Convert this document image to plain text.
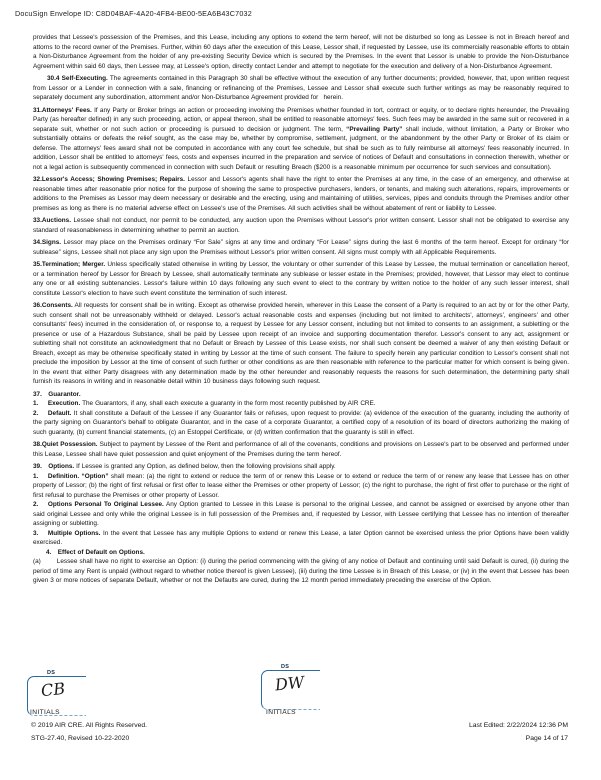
DocuSign Envelope ID: C8D04BAF-4A20-4FB4-BE00-5EA6B43C7032

provides that Lessee's possession of the Premises, and this Lease, including any options to extend the term hereof, will not be disturbed so long as Lessee is not in Breach hereof and attorns to the record owner of the Premises. Further, within 60 days after the execution of this Lease, Lessor shall, if requested by Lessee, use its commercially reasonable efforts to obtain a Non-Disturbance Agreement from the holder of any pre-existing Security Device which is secured by the Premises. In the event that Lessor is unable to provide the Non-Disturbance Agreement within said 60 days, then Lessee may, at Lessee's option, directly contact Lender and attempt to negotiate for the execution and delivery of a Non-Disturbance Agreement.

30.4 Self-Executing. The agreements contained in this Paragraph 30 shall be effective without the execution of any further documents; provided, however, that, upon written request from Lessor or a Lender in connection with a sale, financing or refinancing of the Premises, Lessee and Lessor shall execute such further writings as may be reasonably required to separately document any subordination, attornment and/or Non-Disturbance Agreement provided for  herein.

31.Attorneys' Fees. If any Party or Broker brings an action or proceeding involving the Premises whether founded in tort, contract or equity, or to declare rights hereunder, the Prevailing Party (as hereafter defined) in any such proceeding, action, or appeal thereon, shall be entitled to reasonable attorneys' fees. Such fees may be awarded in the same suit or recovered in a separate suit, whether or not such action or proceeding is pursued to decision or judgment. The term, “Prevailing Party” shall include, without limitation, a Party or Broker who substantially obtains or defeats the relief sought, as the case may be, whether by compromise, settlement, judgment, or the abandonment by the other Party or Broker of its claim or defense. The attorneys' fees award shall not be computed in accordance with any court fee schedule, but shall be such as to fully reimburse all attorneys' fees reasonably incurred. In addition, Lessor shall be entitled to attorneys' fees, costs and expenses incurred in the preparation and service of notices of Default and consultations in connection therewith, whether or not a legal action is subsequently commenced in connection with such Default or resulting Breach ($200 is a reasonable minimum per occurrence for such services and consultation).

32.Lessor's Access; Showing Premises; Repairs. Lessor and Lessor's agents shall have the right to enter the Premises at any time, in the case of an emergency, and otherwise at reasonable times after reasonable prior notice for the purpose of showing the same to prospective purchasers, lenders, or tenants, and making such alterations, repairs, improvements or additions to the Premises as Lessor may deem necessary or desirable and the erecting, using and maintaining of utilities, services, pipes and conduits through the Premises and/or other premises as long as there is no material adverse effect on Lessee's use of the Premises. All such activities shall be without abatement of rent or liability to Lessee.

33.Auctions. Lessee shall not conduct, nor permit to be conducted, any auction upon the Premises without Lessor's prior written consent. Lessor shall not be obligated to exercise any standard of reasonableness in determining whether to permit an auction.

34.Signs. Lessor may place on the Premises ordinary “For Sale” signs at any time and ordinary “For Lease” signs during the last 6 months of the term hereof. Except for ordinary “for sublease” signs, Lessee shall not place any sign upon the Premises without Lessor's prior written consent. All signs must comply with all Applicable Requirements.

35.Termination; Merger. Unless specifically stated otherwise in writing by Lessor, the voluntary or other surrender of this Lease by Lessee, the mutual termination or cancellation hereof, or a termination hereof by Lessor for Breach by Lessee, shall automatically terminate any sublease or lesser estate in the Premises; provided, however, that Lessor may elect to continue any one or all existing subtenancies. Lessor's failure within 10 days following any such event to elect to the contrary by written notice to the holder of any such lesser interest, shall constitute Lessor's election to have such event constitute the termination of such interest.

36.Consents. All requests for consent shall be in writing. Except as otherwise provided herein, wherever in this Lease the consent of a Party is required to an act by or for the other Party, such consent shall not be unreasonably withheld or delayed. Lessor's actual reasonable costs and expenses (including but not limited to architects', attorneys', engineers' and other consultants' fees) incurred in the consideration of, or response to, a request by Lessee for any Lessor consent, including but not limited to consents to an assignment, a subletting or the presence or use of a Hazardous Substance, shall be paid by Lessee upon receipt of an invoice and supporting documentation therefor. Lessor's consent to any act, assignment or subletting shall not constitute an acknowledgment that no Default or Breach by Lessee of this Lease exists, nor shall such consent be deemed a waiver of any then existing Default or Breach, except as may be otherwise specifically stated in writing by Lessor at the time of such consent. The failure to specify herein any particular condition to Lessor's consent shall not preclude the imposition by Lessor at the time of consent of such further or other conditions as are then reasonable with reference to the particular matter for which consent is being given. In the event that either Party disagrees with any determination made by the other hereunder and reasonably requests the reasons for such determination, the determining party shall furnish its reasons in writing and in reasonable detail within 10 business days following such request.

37. Guarantor.

1.  Execution. The Guarantors, if any, shall each execute a guaranty in the form most recently published by AIR CRE.

2.  Default. It shall constitute a Default of the Lessee if any Guarantor fails or refuses, upon request to provide: (a) evidence of the execution of the guaranty, including the authority of the party signing on Guarantor's behalf to obligate Guarantor, and in the case of a corporate Guarantor, a certified copy of a resolution of its board of directors authorizing the making of such guaranty, (b) current financial statements, (c) an Estoppel Certificate, or (d) written confirmation that the guaranty is still in effect.

38.Quiet Possession. Subject to payment by Lessee of the Rent and performance of all of the covenants, conditions and provisions on Lessee's part to be observed and performed under this Lease, Lessee shall have quiet possession and quiet enjoyment of the Premises during the term hereof.

39. Options. If Lessee is granted any Option, as defined below, then the following provisions shall apply.

1.  Definition. “Option” shall mean: (a) the right to extend or reduce the term of or renew this Lease or to extend or reduce the term of or renew any lease that Lessee has on other property of Lessor; (b) the right of first refusal or first offer to lease either the Premises or other property of Lessor; (c) the right to purchase, the right of first offer to purchase or the right of first refusal to purchase the Premises or other property of Lessor.

2.  Options Personal To Original Lessee. Any Option granted to Lessee in this Lease is personal to the original Lessee, and cannot be assigned or exercised by anyone other than said original Lessee and only while the original Lessee is in full possession of the Premises and, if requested by Lessor, with Lessee certifying that Lessee has no intention of thereafter assigning or subletting.

3.  Multiple Options. In the event that Lessee has any multiple Options to extend or renew this Lease, a later Option cannot be exercised unless the prior Options have been validly exercised.

4. Effect of Default on Options.

(a)   Lessee shall have no right to exercise an Option: (i) during the period commencing with the giving of any notice of Default and continuing until said Default is cured, (ii) during the period of time any Rent is unpaid (without regard to whether notice thereof is given Lessee), (iii) during the time Lessee is in Breach of this Lease, or (iv) in the event that Lessee has been given 3 or more notices of separate Default, whether or not the Defaults are cured, during the 12 month period immediately preceding the exercise of the Option.

DS
CB
INITIALS
DS
DW
INITIALS
© 2019 AIR CRE. All Rights Reserved.	Last Edited: 2/22/2024 12:36 PM
STG-27.40, Revised 10-22-2020	Page 14 of 17
